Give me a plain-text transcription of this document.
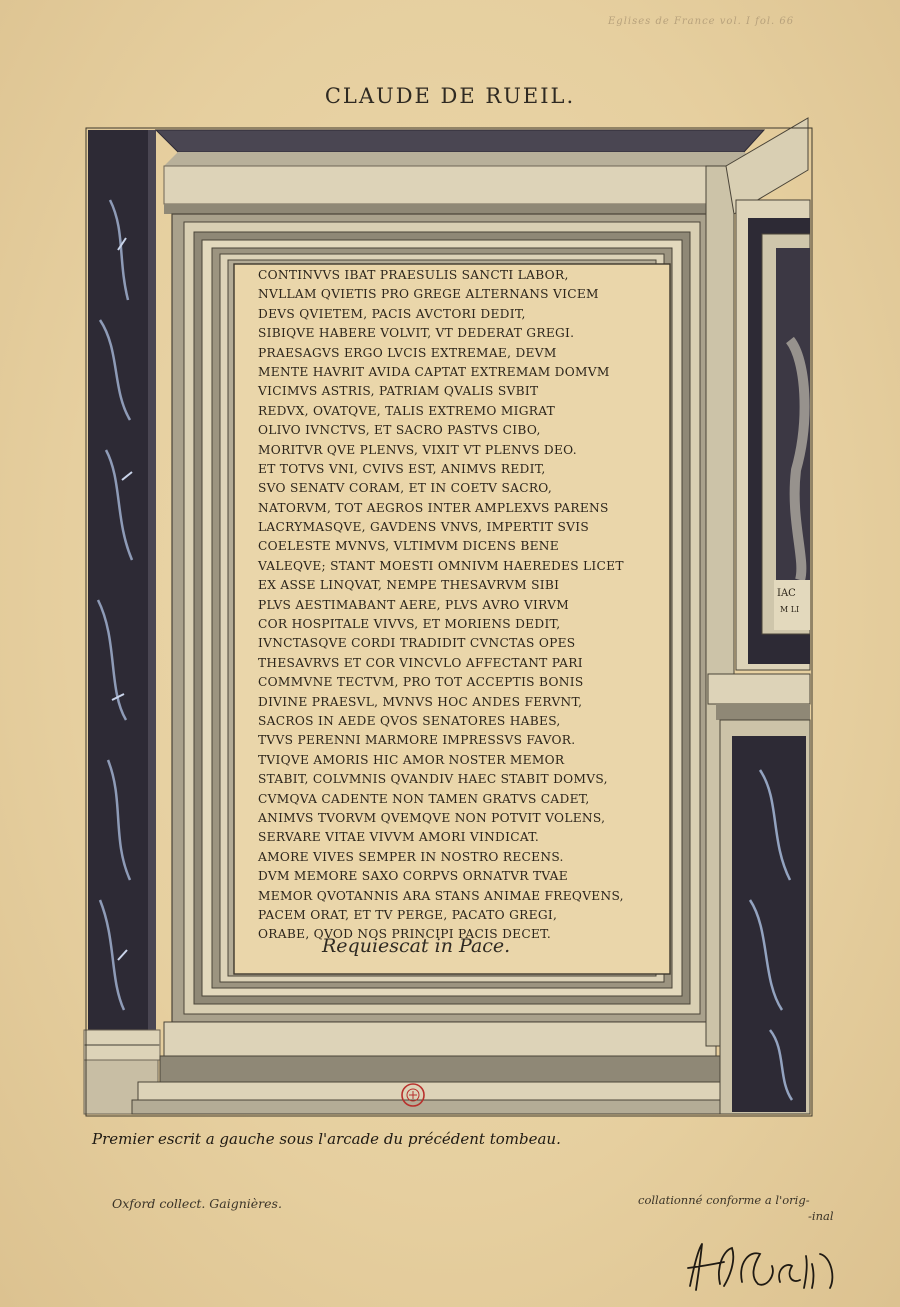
Eglises de France vol. I fol. 66
CLAUDE DE RUEIL.
IAC
M LI
CONTINVVS IBAT PRAESULIS SANCTI LABOR,
NVLLAM QVIETIS PRO GREGE ALTERNANS VICEM
DEVS QVIETEM, PACIS AVCTORI DEDIT,
SIBIQVE HABERE VOLVIT, VT DEDERAT GREGI.
PRAESAGVS ERGO LVCIS EXTREMAE, DEVM
MENTE HAVRIT AVIDA CAPTAT EXTREMAM DOMVM
VICIMVS ASTRIS, PATRIAM QVALIS SVBIT
REDVX, OVATQVE, TALIS EXTREMO MIGRAT
OLIVO IVNCTVS, ET SACRO PASTVS CIBO,
MORITVR QVE PLENVS, VIXIT VT PLENVS DEO.
ET TOTVS VNI, CVIVS EST, ANIMVS REDIT,
SVO SENATV CORAM, ET IN COETV SACRO,
NATORVM, TOT AEGROS INTER AMPLEXVS PARENS
LACRYMASQVE, GAVDENS VNVS, IMPERTIT SVIS
COELESTE MVNVS, VLTIMVM DICENS BENE
VALEQVE; STANT MOESTI OMNIVM HAEREDES LICET
EX ASSE LINQVAT, NEMPE THESAVRVM SIBI
PLVS AESTIMABANT AERE, PLVS AVRO VIRVM
COR HOSPITALE VIVVS, ET MORIENS DEDIT,
IVNCTASQVE CORDI TRADIDIT CVNCTAS OPES
THESAVRVS ET COR VINCVLO AFFECTANT PARI
COMMVNE TECTVM, PRO TOT ACCEPTIS BONIS
DIVINE PRAESVL, MVNVS HOC ANDES FERVNT,
SACROS IN AEDE QVOS SENATORES HABES,
TVVS PERENNI MARMORE IMPRESSVS FAVOR.
TVIQVE AMORIS HIC AMOR NOSTER MEMOR
STABIT, COLVMNIS QVANDIV HAEC STABIT DOMVS,
CVMQVA CADENTE NON TAMEN GRATVS CADET,
ANIMVS TVORVM QVEMQVE NON POTVIT VOLENS,
SERVARE VITAE VIVVM AMORI VINDICAT.
AMORE VIVES SEMPER IN NOSTRO RECENS.
DVM MEMORE SAXO CORPVS ORNATVR TVAE
MEMOR QVOTANNIS ARA STANS ANIMAE FREQVENS,
PACEM ORAT, ET TV PERGE, PACATO GREGI,
ORABE, QVOD NOS PRINCIPI PACIS DECET.
Requiescat in Pace.
Premier escrit a gauche sous l'arcade du précédent tombeau.
Oxford collect. Gaignières.	collationné conforme a l'orig-
-inal
